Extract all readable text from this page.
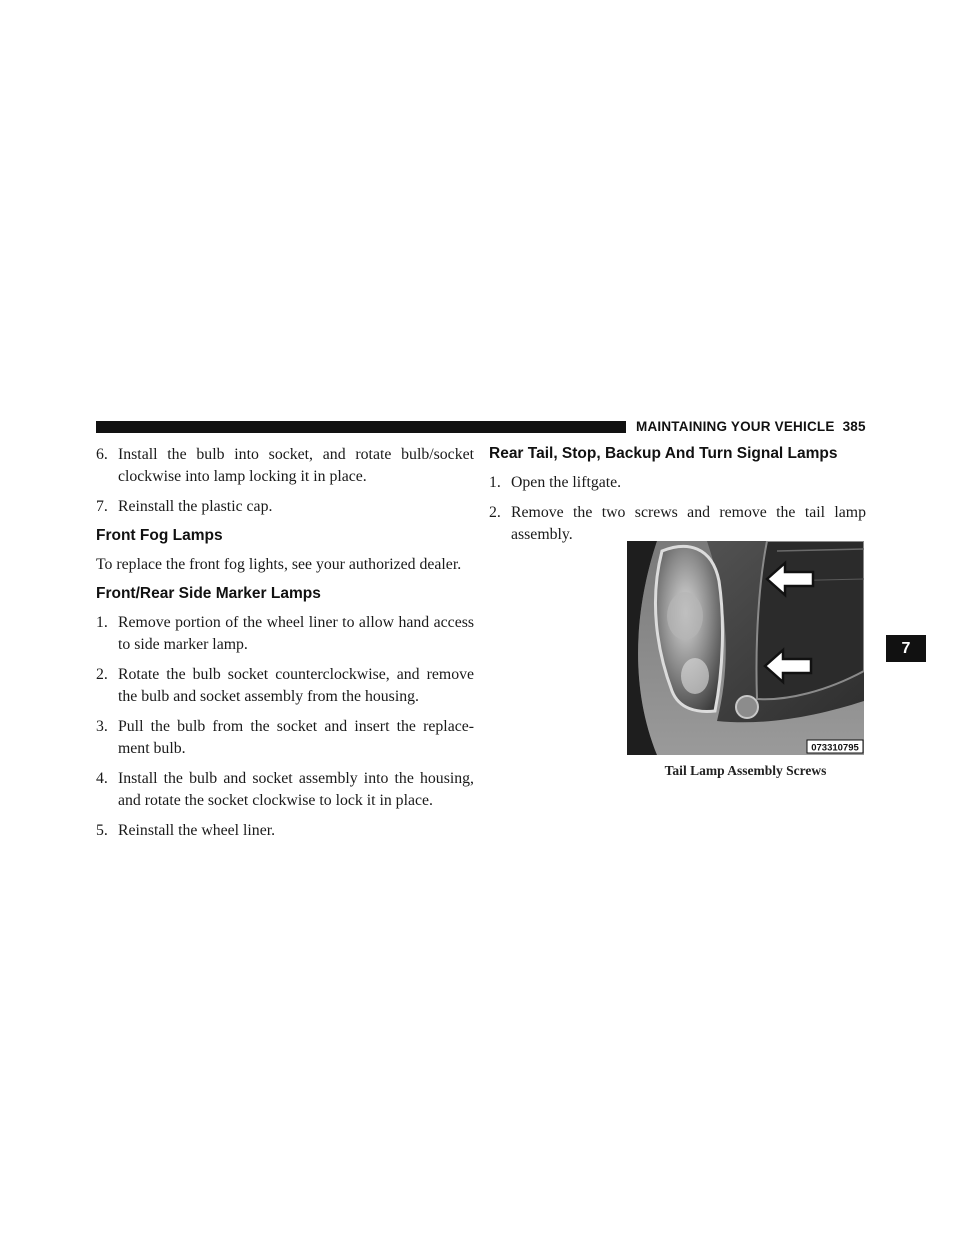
MAINTAINING YOUR VEHICLE 385

6. Install the bulb into socket, and rotate bulb/socket clockwise into lamp locking it in place.

7. Reinstall the plastic cap.

Front Fog Lamps

To replace the front fog lights, see your authorized dealer.

Front/Rear Side Marker Lamps

1. Remove portion of the wheel liner to allow hand access to side marker lamp.

2. Rotate the bulb socket counterclockwise, and remove the bulb and socket assembly from the housing.

3. Pull the bulb from the socket and insert the replace-ment bulb.

4. Install the bulb and socket assembly into the housing, and rotate the socket clockwise to lock it in place.

5. Reinstall the wheel liner.

Rear Tail, Stop, Backup And Turn Signal Lamps

1. Open the liftgate.

2. Remove the two screws and remove the tail lamp assembly.

073310795
Tail Lamp Assembly Screws
7
